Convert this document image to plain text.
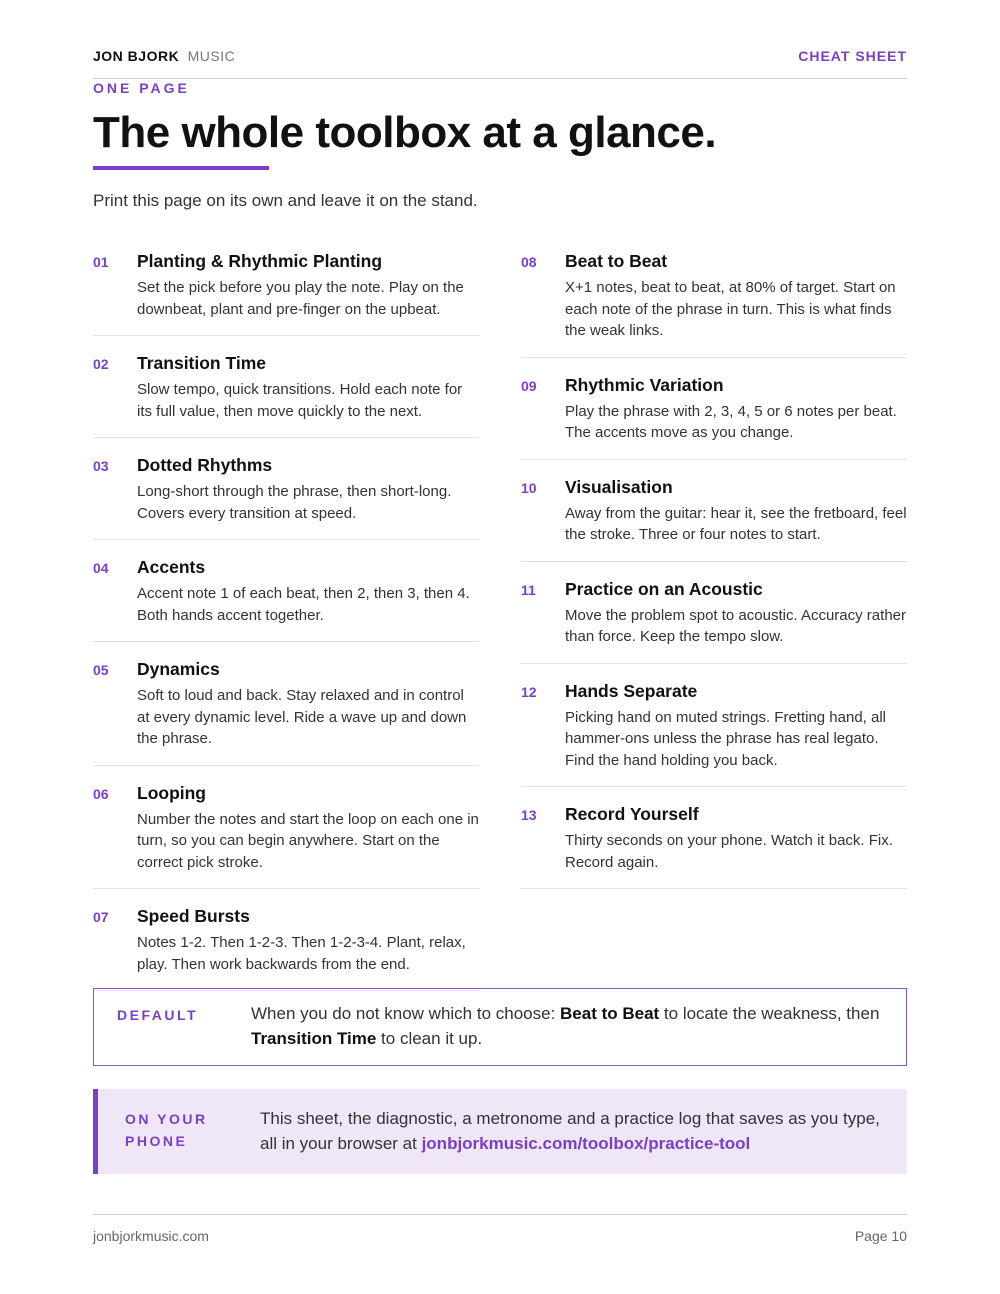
JON BJORK MUSIC	CHEAT SHEET
ONE PAGE
The whole toolbox at a glance.
Print this page on its own and leave it on the stand.
01 Planting & Rhythmic Planting
Set the pick before you play the note. Play on the downbeat, plant and pre-finger on the upbeat.
02 Transition Time
Slow tempo, quick transitions. Hold each note for its full value, then move quickly to the next.
03 Dotted Rhythms
Long-short through the phrase, then short-long. Covers every transition at speed.
04 Accents
Accent note 1 of each beat, then 2, then 3, then 4. Both hands accent together.
05 Dynamics
Soft to loud and back. Stay relaxed and in control at every dynamic level. Ride a wave up and down the phrase.
06 Looping
Number the notes and start the loop on each one in turn, so you can begin anywhere. Start on the correct pick stroke.
07 Speed Bursts
Notes 1-2. Then 1-2-3. Then 1-2-3-4. Plant, relax, play. Then work backwards from the end.
08 Beat to Beat
X+1 notes, beat to beat, at 80% of target. Start on each note of the phrase in turn. This is what finds the weak links.
09 Rhythmic Variation
Play the phrase with 2, 3, 4, 5 or 6 notes per beat. The accents move as you change.
10 Visualisation
Away from the guitar: hear it, see the fretboard, feel the stroke. Three or four notes to start.
11 Practice on an Acoustic
Move the problem spot to acoustic. Accuracy rather than force. Keep the tempo slow.
12 Hands Separate
Picking hand on muted strings. Fretting hand, all hammer-ons unless the phrase has real legato. Find the hand holding you back.
13 Record Yourself
Thirty seconds on your phone. Watch it back. Fix. Record again.
DEFAULT	When you do not know which to choose: Beat to Beat to locate the weakness, then Transition Time to clean it up.
ON YOUR PHONE
This sheet, the diagnostic, a metronome and a practice log that saves as you type, all in your browser at jonbjorkmusic.com/toolbox/practice-tool
jonbjorkmusic.com	Page 10
